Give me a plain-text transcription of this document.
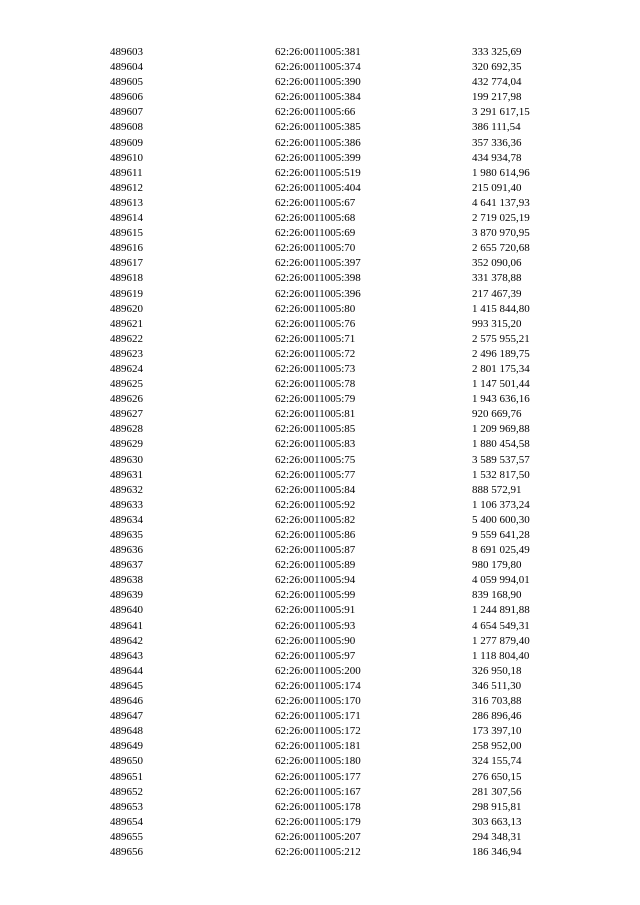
489603	62:26:0011005:381	333 325,69
489604	62:26:0011005:374	320 692,35
489605	62:26:0011005:390	432 774,04
489606	62:26:0011005:384	199 217,98
489607	62:26:0011005:66	3 291 617,15
489608	62:26:0011005:385	386 111,54
489609	62:26:0011005:386	357 336,36
489610	62:26:0011005:399	434 934,78
489611	62:26:0011005:519	1 980 614,96
489612	62:26:0011005:404	215 091,40
489613	62:26:0011005:67	4 641 137,93
489614	62:26:0011005:68	2 719 025,19
489615	62:26:0011005:69	3 870 970,95
489616	62:26:0011005:70	2 655 720,68
489617	62:26:0011005:397	352 090,06
489618	62:26:0011005:398	331 378,88
489619	62:26:0011005:396	217 467,39
489620	62:26:0011005:80	1 415 844,80
489621	62:26:0011005:76	993 315,20
489622	62:26:0011005:71	2 575 955,21
489623	62:26:0011005:72	2 496 189,75
489624	62:26:0011005:73	2 801 175,34
489625	62:26:0011005:78	1 147 501,44
489626	62:26:0011005:79	1 943 636,16
489627	62:26:0011005:81	920 669,76
489628	62:26:0011005:85	1 209 969,88
489629	62:26:0011005:83	1 880 454,58
489630	62:26:0011005:75	3 589 537,57
489631	62:26:0011005:77	1 532 817,50
489632	62:26:0011005:84	888 572,91
489633	62:26:0011005:92	1 106 373,24
489634	62:26:0011005:82	5 400 600,30
489635	62:26:0011005:86	9 559 641,28
489636	62:26:0011005:87	8 691 025,49
489637	62:26:0011005:89	980 179,80
489638	62:26:0011005:94	4 059 994,01
489639	62:26:0011005:99	839 168,90
489640	62:26:0011005:91	1 244 891,88
489641	62:26:0011005:93	4 654 549,31
489642	62:26:0011005:90	1 277 879,40
489643	62:26:0011005:97	1 118 804,40
489644	62:26:0011005:200	326 950,18
489645	62:26:0011005:174	346 511,30
489646	62:26:0011005:170	316 703,88
489647	62:26:0011005:171	286 896,46
489648	62:26:0011005:172	173 397,10
489649	62:26:0011005:181	258 952,00
489650	62:26:0011005:180	324 155,74
489651	62:26:0011005:177	276 650,15
489652	62:26:0011005:167	281 307,56
489653	62:26:0011005:178	298 915,81
489654	62:26:0011005:179	303 663,13
489655	62:26:0011005:207	294 348,31
489656	62:26:0011005:212	186 346,94
